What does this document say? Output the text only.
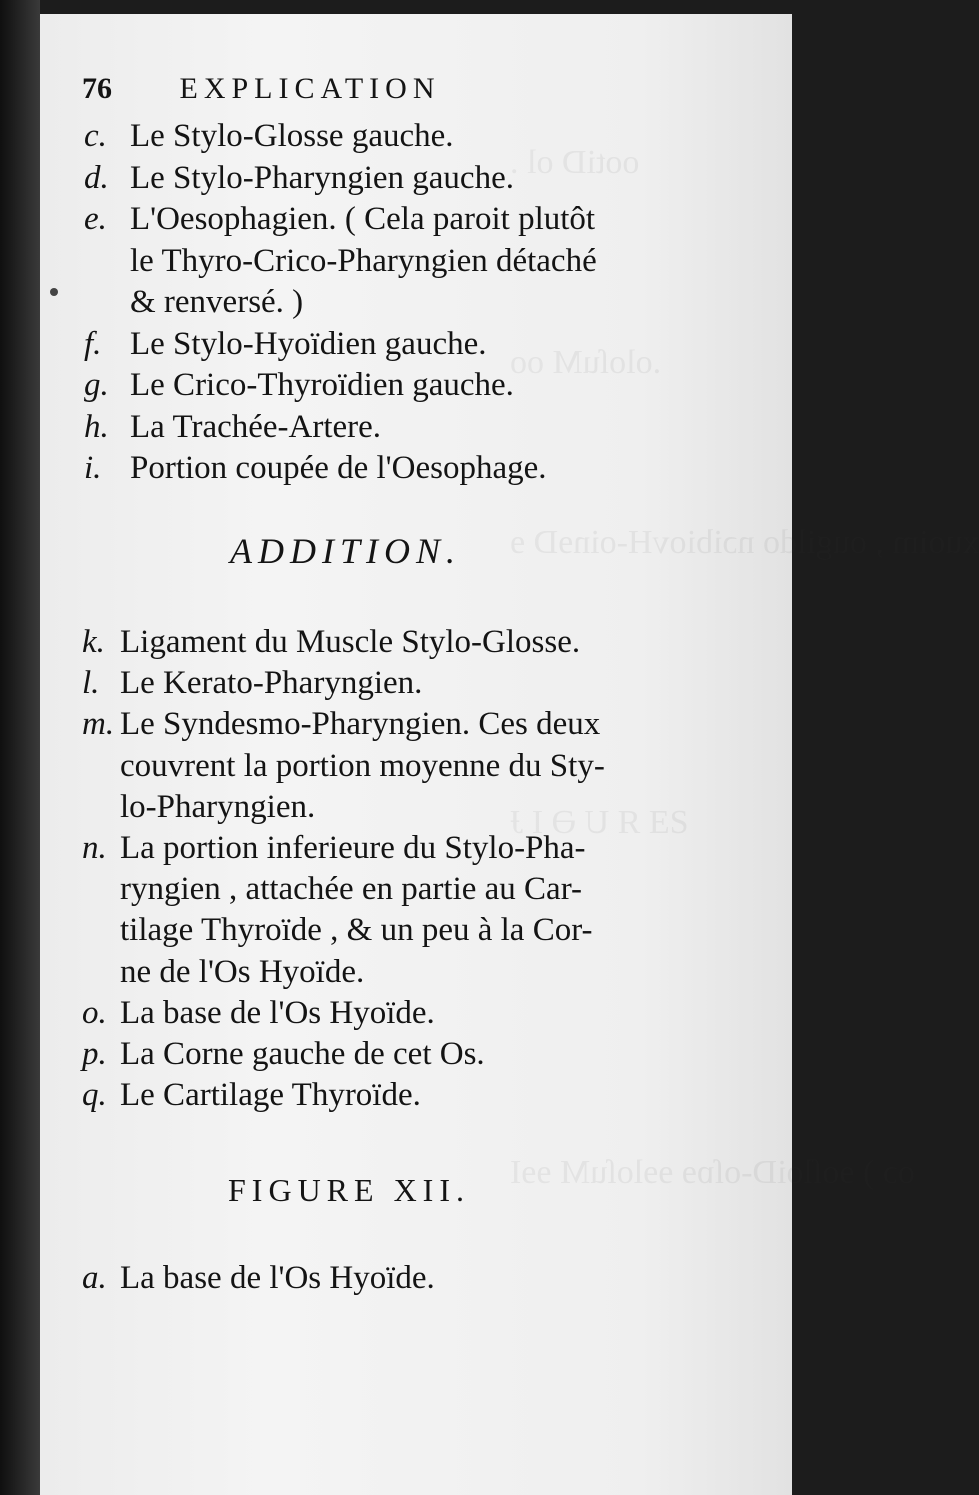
ootiD ol .
.oloſuM oo
xuoim , ougildo nɔibiovH-oinɘD ɘ
ƧƎ Я U Ə I Ɉ
oɔ ) ɘoſloiD-oſɒɘ ɘɘloſuM ɘɘI
76 EXPLICATION
c. Le Stylo-Glosse gauche.
d. Le Stylo-Pharyngien gauche.
e. L'Oesophagien. ( Cela paroit plutôt
le Thyro-Crico-Pharyngien détaché
& renversé. )
f. Le Stylo-Hyoïdien gauche.
g. Le Crico-Thyroïdien gauche.
h. La Trachée-Artere.
i. Portion coupée de l'Oesophage.
ADDITION.
k. Ligament du Muscle Stylo-Glosse.
l. Le Kerato-Pharyngien.
m. Le Syndesmo-Pharyngien. Ces deux
couvrent la portion moyenne du Sty-
lo-Pharyngien.
n. La portion inferieure du Stylo-Pha-
ryngien , attachée en partie au Car-
tilage Thyroïde , & un peu à la Cor-
ne de l'Os Hyoïde.
o. La base de l'Os Hyoïde.
p. La Corne gauche de cet Os.
q. Le Cartilage Thyroïde.
FIGURE XII.
a. La base de l'Os Hyoïde.
